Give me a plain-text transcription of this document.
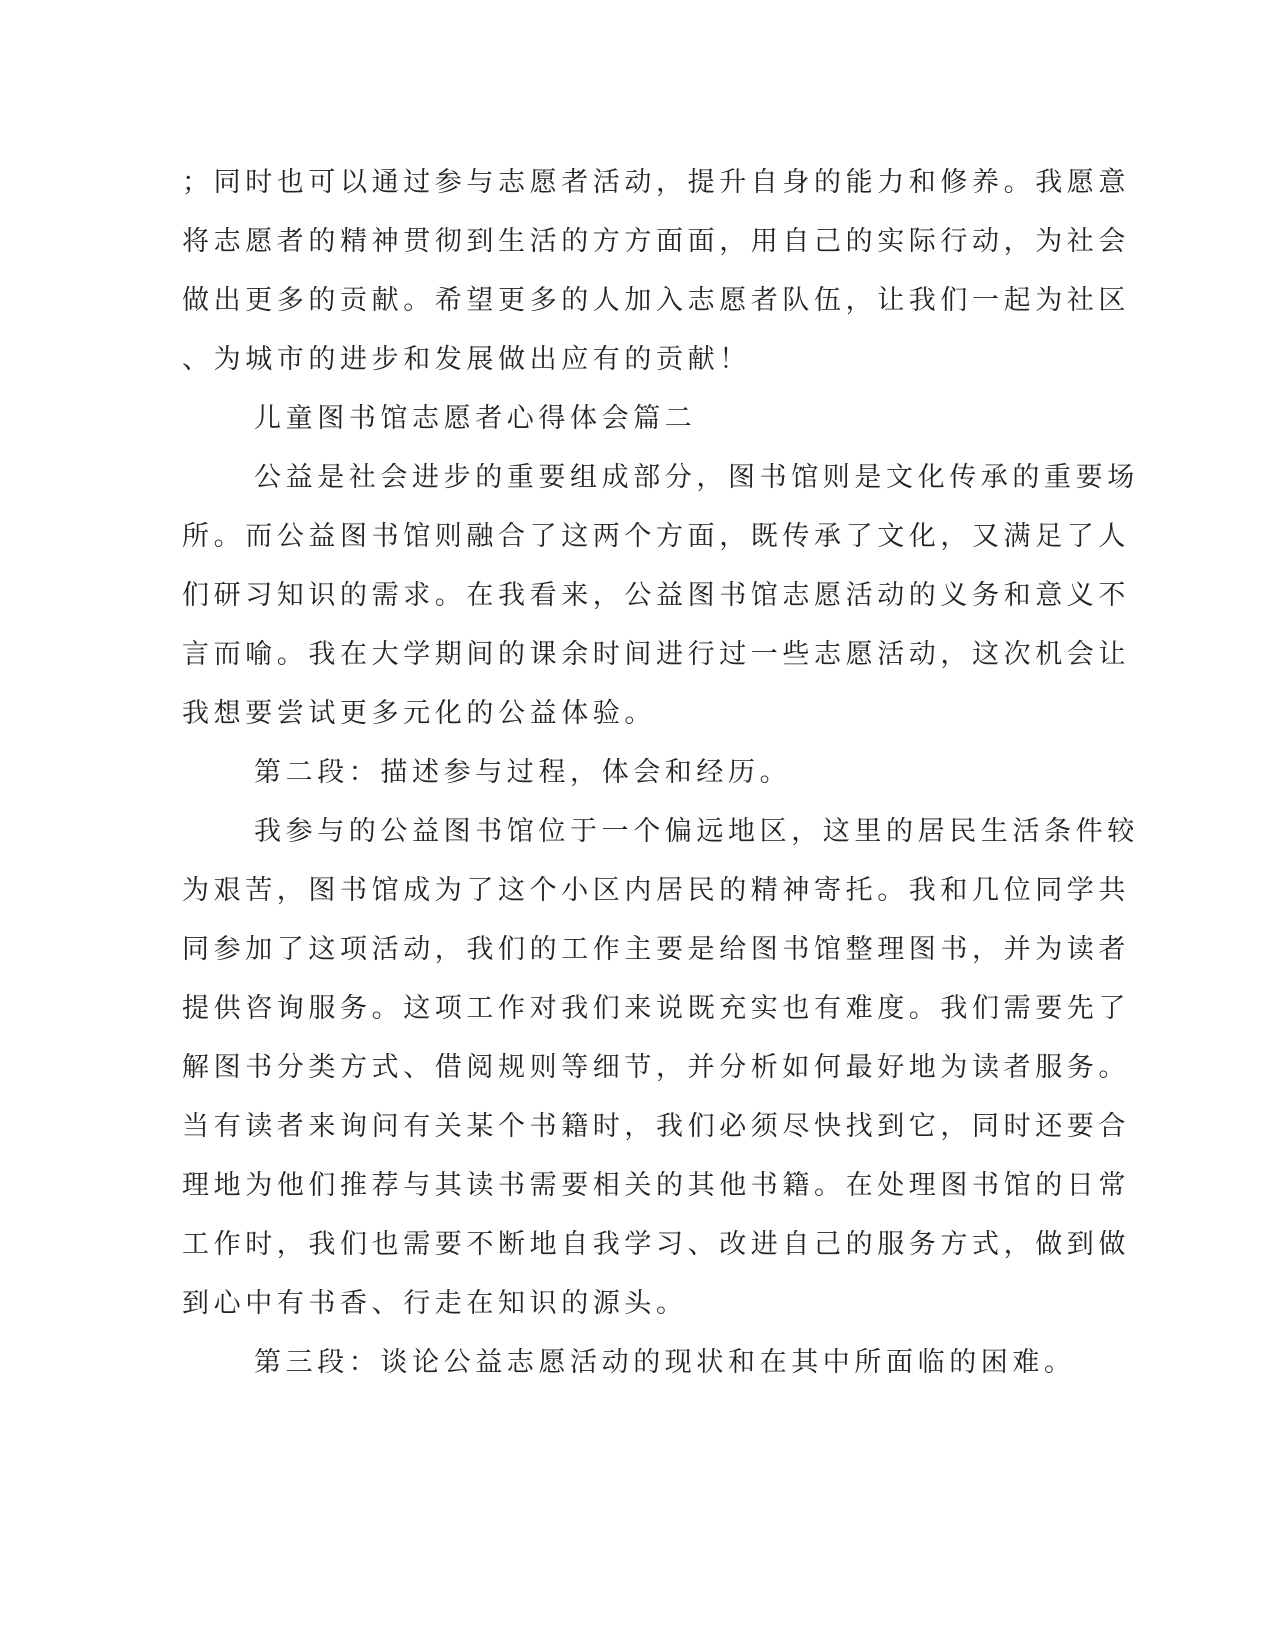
；同时也可以通过参与志愿者活动，提升自身的能力和修养。我愿意
将志愿者的精神贯彻到生活的方方面面，用自己的实际行动，为社会
做出更多的贡献。希望更多的人加入志愿者队伍，让我们一起为社区
、为城市的进步和发展做出应有的贡献！
儿童图书馆志愿者心得体会篇二
公益是社会进步的重要组成部分，图书馆则是文化传承的重要场
所。而公益图书馆则融合了这两个方面，既传承了文化，又满足了人
们研习知识的需求。在我看来，公益图书馆志愿活动的义务和意义不
言而喻。我在大学期间的课余时间进行过一些志愿活动，这次机会让
我想要尝试更多元化的公益体验。
第二段：描述参与过程，体会和经历。
我参与的公益图书馆位于一个偏远地区，这里的居民生活条件较
为艰苦，图书馆成为了这个小区内居民的精神寄托。我和几位同学共
同参加了这项活动，我们的工作主要是给图书馆整理图书，并为读者
提供咨询服务。这项工作对我们来说既充实也有难度。我们需要先了
解图书分类方式、借阅规则等细节，并分析如何最好地为读者服务。
当有读者来询问有关某个书籍时，我们必须尽快找到它，同时还要合
理地为他们推荐与其读书需要相关的其他书籍。在处理图书馆的日常
工作时，我们也需要不断地自我学习、改进自己的服务方式，做到做
到心中有书香、行走在知识的源头。
第三段：谈论公益志愿活动的现状和在其中所面临的困难。
